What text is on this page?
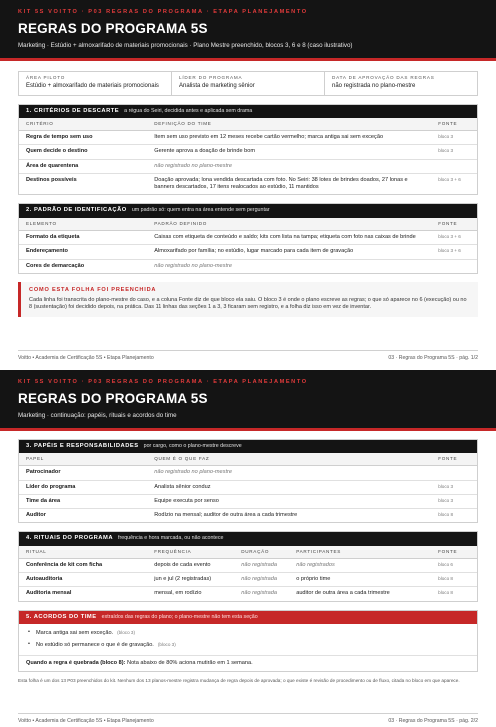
KIT 5S VOITTO · P03 REGRAS DO PROGRAMA · ETAPA PLANEJAMENTO
REGRAS DO PROGRAMA 5S
Marketing · Estúdio + almoxarifado de materiais promocionais · Plano Mestre preenchido, blocos 3, 6 e 8 (caso ilustrativo)
ÁREA PILOTO
Estúdio + almoxarifado de materiais promocionais
LÍDER DO PROGRAMA
Analista de marketing sênior
DATA DE APROVAÇÃO DAS REGRAS
não registrada no plano-mestre
1. CRITÉRIOS DE DESCARTE a régua do Seiri, decidida antes e aplicada sem drama
CRITÉRIO	DEFINIÇÃO DO TIME	FONTE
Regra de tempo sem uso	Item sem uso previsto em 12 meses recebe cartão vermelho; marca antiga sai sem exceção	bloco 3
Quem decide o destino	Gerente aprova a doação de brinde bom	bloco 3
Área de quarentena	não registrado no plano-mestre	
Destinos possíveis	Doação aprovada; lona vendida descartada com foto. No Seiri: 38 lotes de brindes doados, 27 lonas e banners descartados, 17 itens realocados ao estúdio, 11 mantidos	bloco 3 + 6
2. PADRÃO DE IDENTIFICAÇÃO um padrão só: quem entra na área entende sem perguntar
ELEMENTO	PADRÃO DEFINIDO	FONTE
Formato da etiqueta	Caixas com etiqueta de conteúdo e saldo; kits com lista na tampa; etiqueta com foto nas caixas de brinde	bloco 3 + 6
Endereçamento	Almoxarifado por família; no estúdio, lugar marcado para cada item de gravação	bloco 3 + 6
Cores de demarcação	não registrado no plano-mestre	
COMO ESTA FOLHA FOI PREENCHIDA
Cada linha foi transcrita do plano-mestre do caso, e a coluna Fonte diz de que bloco ela saiu. O bloco 3 é onde o plano escreve as regras; o que só aparece no 6 (execução) ou no 8 (sustentação) foi decidido depois, na prática. Das 11 linhas das seções 1 a 3, 3 ficaram sem registro, e a folha diz isso em vez de inventar.
Voitto • Academia de Certificação 5S • Etapa Planejamento	03 · Regras do Programa 5S · pág. 1/2
KIT 5S VOITTO · P03 REGRAS DO PROGRAMA · ETAPA PLANEJAMENTO
REGRAS DO PROGRAMA 5S
Marketing · continuação: papéis, rituais e acordos do time
3. PAPÉIS E RESPONSABILIDADES por cargo, como o plano-mestre descreve
PAPEL	QUEM É O QUE FAZ	FONTE
Patrocinador	não registrado no plano-mestre	
Líder do programa	Analista sênior conduz	bloco 3
Time da área	Equipe executa por senso	bloco 3
Auditor	Rodízio na mensal; auditor de outra área a cada trimestre	bloco 8
4. RITUAIS DO PROGRAMA frequência e hora marcada, ou não acontece
RITUAL	FREQUÊNCIA	DURAÇÃO	PARTICIPANTES	FONTE
Conferência de kit com ficha	depois de cada evento	não registrada	não registrados	bloco 6
Autoauditoria	jun e jul (2 registradas)	não registrada	o próprio time	bloco 8
Auditoria mensal	mensal, em rodízio	não registrada	auditor de outra área a cada trimestre	bloco 8
5. ACORDOS DO TIME extraídos das regras do plano; o plano-mestre não tem esta seção
• Marca antiga sai sem exceção. (bloco 3)
• No estúdio só permanece o que é de gravação. (bloco 3)
Quando a regra é quebrada (bloco 8): Nota abaixo de 80% aciona mutirão em 1 semana.
Esta folha é um dos 13 P03 preenchidos do kit. Nenhum dos 13 planos-mestre registra mudança de regra depois de aprovada; o que existe é revisão de procedimento ou de fluxo, citada no bloco em que aparece.
Voitto • Academia de Certificação 5S • Etapa Planejamento	03 · Regras do Programa 5S · pág. 2/2
